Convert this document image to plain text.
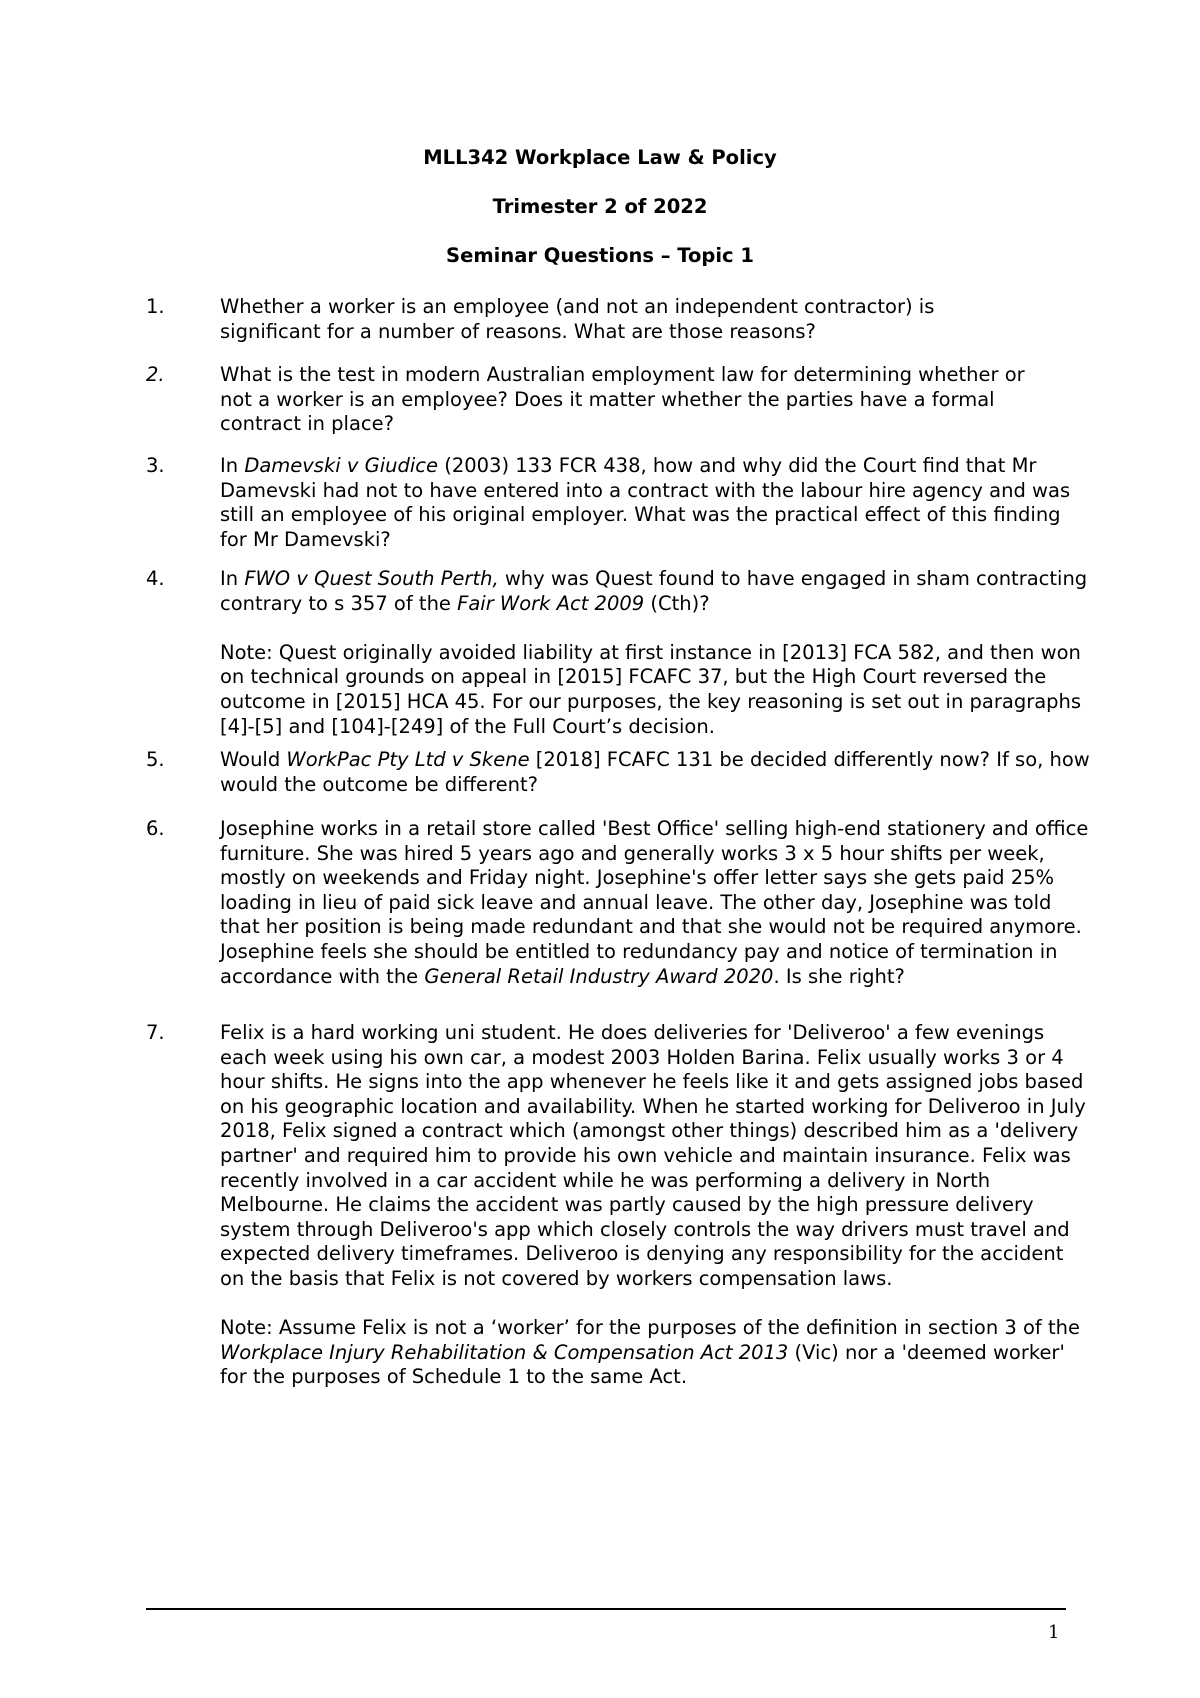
MLL342 Workplace Law & Policy
Trimester 2 of 2022
Seminar Questions – Topic 1
1.	Whether a worker is an employee (and not an independent contractor) is
significant for a number of reasons. What are those reasons?
2.	What is the test in modern Australian employment law for determining whether or
not a worker is an employee? Does it matter whether the parties have a formal
contract in place?
3.	In Damevski v Giudice (2003) 133 FCR 438, how and why did the Court find that Mr Damevski had not to have entered into a contract with the labour hire agency and was still an employee of his original employer. What was the practical effect of this finding for Mr Damevski?
4.	In FWO v Quest South Perth, why was Quest found to have engaged in sham contracting contrary to s 357 of the Fair Work Act 2009 (Cth)?
Note: Quest originally avoided liability at first instance in [2013] FCA 582, and then won on technical grounds on appeal in [2015] FCAFC 37, but the High Court reversed the outcome in [2015] HCA 45. For our purposes, the key reasoning is set out in paragraphs [4]-[5] and [104]-[249] of the Full Court’s decision.
5.	Would WorkPac Pty Ltd v Skene [2018] FCAFC 131 be decided differently now? If so, how would the outcome be different?
6.	Josephine works in a retail store called 'Best Office' selling high-end stationery and office furniture. She was hired 5 years ago and generally works 3 x 5 hour shifts per week, mostly on weekends and Friday night. Josephine's offer letter says she gets paid 25% loading in lieu of paid sick leave and annual leave. The other day, Josephine was told that her position is being made redundant and that she would not be required anymore. Josephine feels she should be entitled to redundancy pay and notice of termination in accordance with the General Retail Industry Award 2020. Is she right?
7.	Felix is a hard working uni student. He does deliveries for 'Deliveroo' a few evenings each week using his own car, a modest 2003 Holden Barina. Felix usually works 3 or 4 hour shifts. He signs into the app whenever he feels like it and gets assigned jobs based on his geographic location and availability. When he started working for Deliveroo in July 2018, Felix signed a contract which (amongst other things) described him as a 'delivery partner' and required him to provide his own vehicle and maintain insurance. Felix was recently involved in a car accident while he was performing a delivery in North Melbourne. He claims the accident was partly caused by the high pressure delivery system through Deliveroo's app which closely controls the way drivers must travel and expected delivery timeframes. Deliveroo is denying any responsibility for the accident on the basis that Felix is not covered by workers compensation laws.
Note: Assume Felix is not a ‘worker’ for the purposes of the definition in section 3 of the Workplace Injury Rehabilitation & Compensation Act 2013 (Vic) nor a 'deemed worker' for the purposes of Schedule 1 to the same Act.
1
